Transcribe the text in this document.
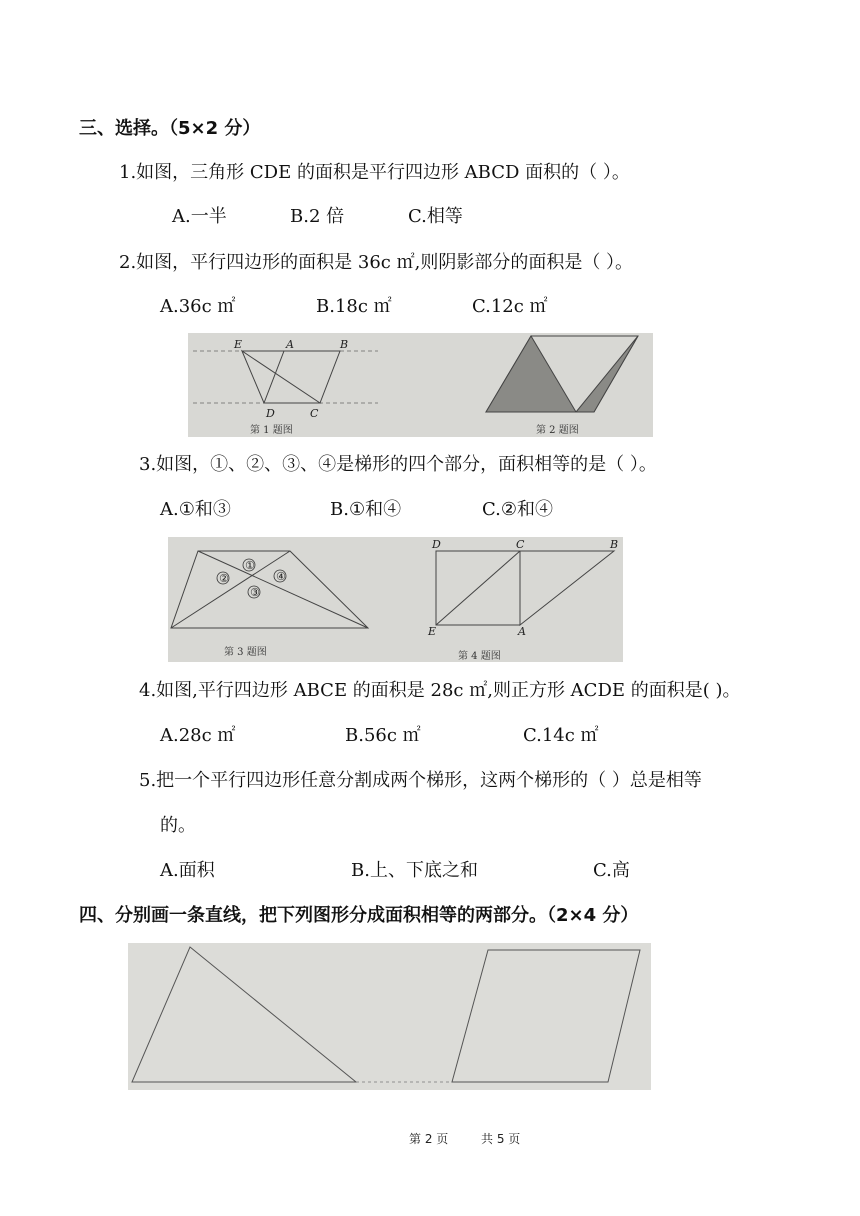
三、选择。（5×2 分）
1.如图，三角形 CDE 的面积是平行四边形 ABCD 面积的（ ）。
A.一半	B.2 倍	C.相等
2.如图，平行四边形的面积是 36c ㎡,则阴影部分的面积是（ ）。
A.36c ㎡	B.18c ㎡	C.12c ㎡
E	A	B
D	C
第 1 题图	第 2 题图
3.如图，①、②、③、④是梯形的四个部分，面积相等的是（ ）。
A.①和③	B.①和④	C.②和④
①
②
③
④
第 3 题图
D	C	B
E	A
第 4 题图
4.如图,平行四边形 ABCE 的面积是 28c ㎡,则正方形 ACDE 的面积是( )。
A.28c ㎡	B.56c ㎡	C.14c ㎡
5.把一个平行四边形任意分割成两个梯形，这两个梯形的（ ）总是相等
的。
A.面积	B.上、下底之和	C.高
四、分别画一条直线，把下列图形分成面积相等的两部分。（2×4 分）
第 2 页	共 5 页
